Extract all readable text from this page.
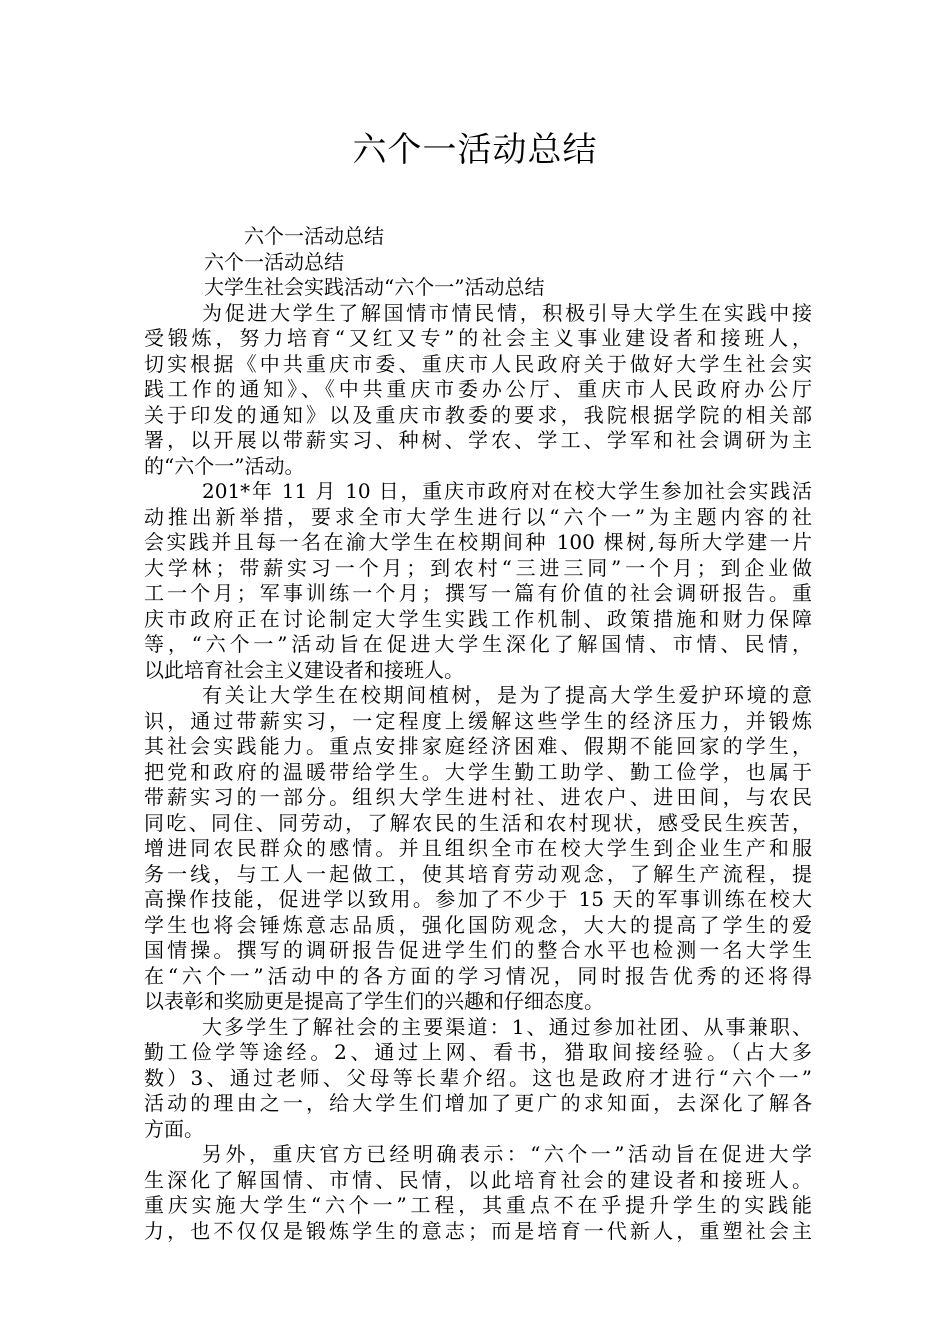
六个一活动总结
六个一活动总结
六个一活动总结
大学生社会实践活动“六个一”活动总结
为促进大学生了解国情市情民情，积极引导大学生在实践中接
受锻炼，努力培育“又红又专”的社会主义事业建设者和接班人，
切实根据《中共重庆市委、重庆市人民政府关于做好大学生社会实
践工作的通知》、《中共重庆市委办公厅、重庆市人民政府办公厅
关于印发的通知》以及重庆市教委的要求，我院根据学院的相关部
署，以开展以带薪实习、种树、学农、学工、学军和社会调研为主
的“六个一”活动。
201*年 11 月 10 日，重庆市政府对在校大学生参加社会实践活
动推出新举措，要求全市大学生进行以“六个一”为主题内容的社
会实践并且每一名在渝大学生在校期间种 100 棵树,每所大学建一片
大学林；带薪实习一个月；到农村“三进三同”一个月；到企业做
工一个月；军事训练一个月；撰写一篇有价值的社会调研报告。重
庆市政府正在讨论制定大学生实践工作机制、政策措施和财力保障
等，“六个一”活动旨在促进大学生深化了解国情、市情、民情，
以此培育社会主义建设者和接班人。
有关让大学生在校期间植树，是为了提高大学生爱护环境的意
识，通过带薪实习，一定程度上缓解这些学生的经济压力，并锻炼
其社会实践能力。重点安排家庭经济困难、假期不能回家的学生，
把党和政府的温暖带给学生。大学生勤工助学、勤工俭学，也属于
带薪实习的一部分。组织大学生进村社、进农户、进田间，与农民
同吃、同住、同劳动，了解农民的生活和农村现状，感受民生疾苦，
增进同农民群众的感情。并且组织全市在校大学生到企业生产和服
务一线，与工人一起做工，使其培育劳动观念，了解生产流程，提
高操作技能，促进学以致用。参加了不少于 15 天的军事训练在校大
学生也将会锤炼意志品质，强化国防观念，大大的提高了学生的爱
国情操。撰写的调研报告促进学生们的整合水平也检测一名大学生
在“六个一”活动中的各方面的学习情况，同时报告优秀的还将得
以表彰和奖励更是提高了学生们的兴趣和仔细态度。
大多学生了解社会的主要渠道：1、通过参加社团、从事兼职、
勤工俭学等途经。2、通过上网、看书，猎取间接经验。（占大多
数）3、通过老师、父母等长辈介绍。这也是政府才进行“六个一”
活动的理由之一，给大学生们增加了更广的求知面，去深化了解各
方面。
另外，重庆官方已经明确表示：“六个一”活动旨在促进大学
生深化了解国情、市情、民情，以此培育社会的建设者和接班人。
重庆实施大学生“六个一”工程，其重点不在乎提升学生的实践能
力，也不仅仅是锻炼学生的意志；而是培育一代新人，重塑社会主
